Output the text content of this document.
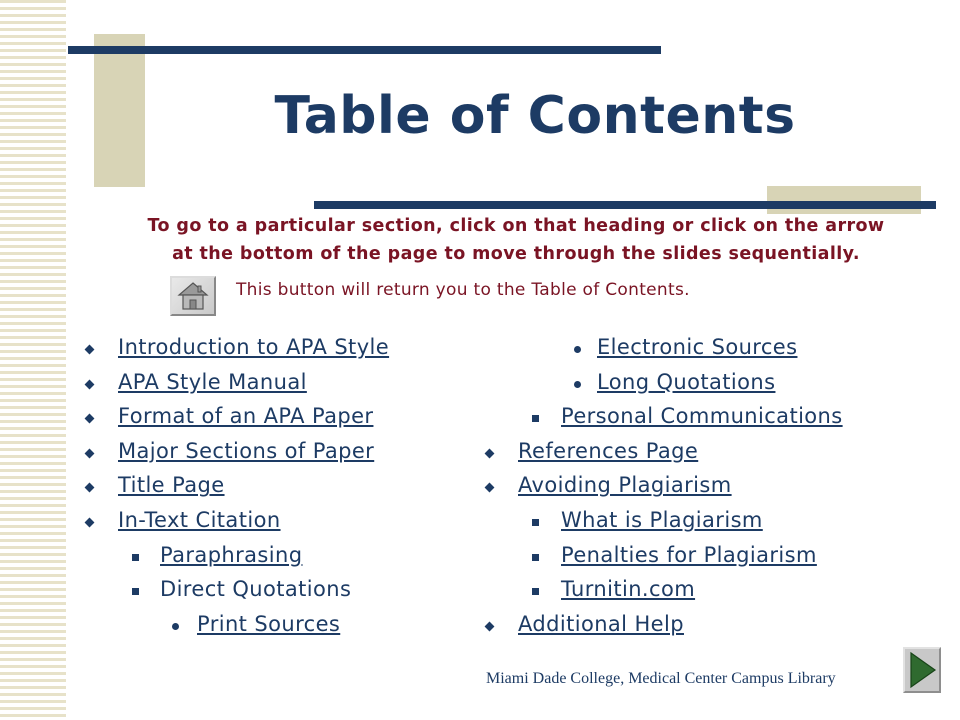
Table of Contents
To go to a particular section, click on that heading or click on the arrow
at the bottom of the page to move through the slides sequentially.
This button will return you to the Table of Contents.
Miami Dade College, Medical Center Campus Library
Introduction to APA Style
APA Style Manual
Format of an APA Paper
Major Sections of Paper
Title Page
In-Text Citation
Paraphrasing
Direct Quotations
Print Sources
Electronic Sources
Long Quotations
Personal Communications
References Page
Avoiding Plagiarism
What is Plagiarism
Penalties for Plagiarism
Turnitin.com
Additional Help
